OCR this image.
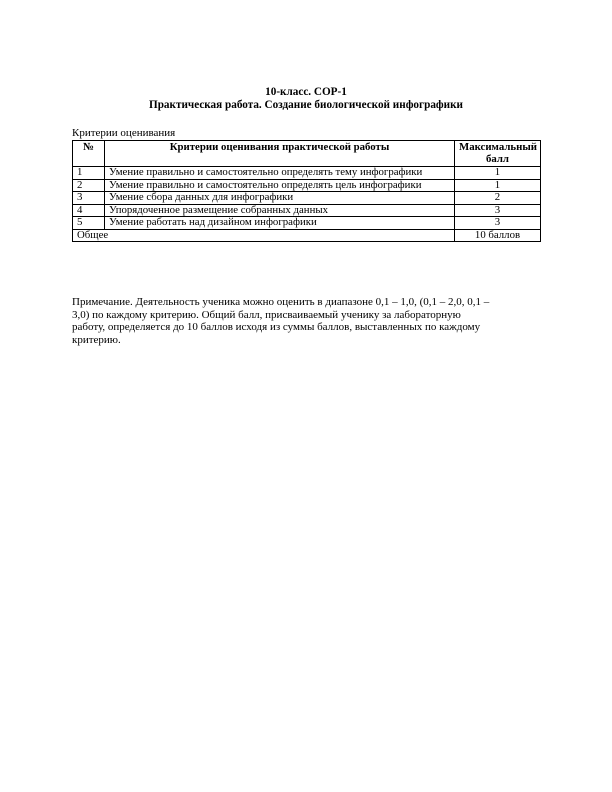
10-класс. СОР-1
Практическая работа. Создание биологической инфографики
Критерии оценивания
№	Критерии оценивания практической работы	Максимальный балл
1	Умение правильно и самостоятельно определять тему инфографики	1
2	Умение правильно и самостоятельно определять цель инфографики	1
3	Умение сбора данных для инфографики	2
4	Упорядоченное размещение собранных данных	3
5	Умение работать над дизайном инфографики	3
Общее		10 баллов
Примечание. Деятельность ученика можно оценить в диапазоне 0,1 – 1,0, (0,1 – 2,0, 0,1 –
3,0) по каждому критерию. Общий балл, присваиваемый ученику за лабораторную
работу, определяется до 10 баллов исходя из суммы баллов, выставленных по каждому
критерию.
